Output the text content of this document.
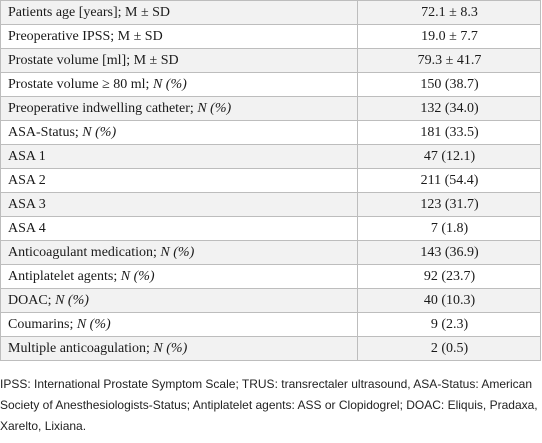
Patients age [years]; M ± SD	72.1 ± 8.3
Preoperative IPSS; M ± SD	19.0 ± 7.7
Prostate volume [ml]; M ± SD	79.3 ± 41.7
Prostate volume ≥ 80 ml; N (%)	150 (38.7)
Preoperative indwelling catheter; N (%)	132 (34.0)
ASA-Status; N (%)	181 (33.5)
ASA 1	47 (12.1)
ASA 2	211 (54.4)
ASA 3	123 (31.7)
ASA 4	7 (1.8)
Anticoagulant medication; N (%)	143 (36.9)
Antiplatelet agents; N (%)	92 (23.7)
DOAC; N (%)	40 (10.3)
Coumarins; N (%)	9 (2.3)
Multiple anticoagulation; N (%)	2 (0.5)

IPSS: International Prostate Symptom Scale; TRUS: transrectaler ultrasound, ASA-Status: American Society of Anesthesiologists-Status; Antiplatelet agents: ASS or Clopidogrel; DOAC: Eliquis, Pradaxa, Xarelto, Lixiana.
